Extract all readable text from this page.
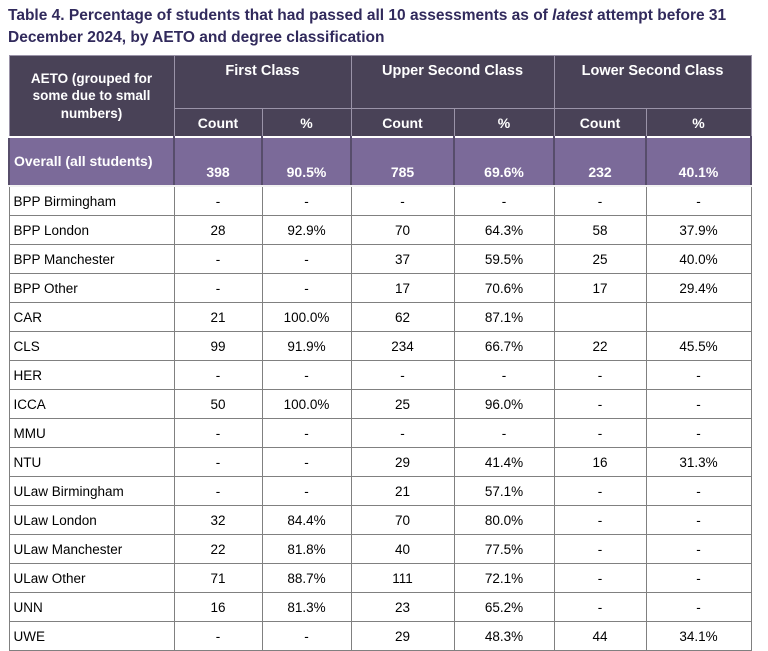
Table 4. Percentage of students that had passed all 10 assessments as of latest attempt before 31 December 2024, by AETO and degree classification
AETO (grouped for some due to small numbers)	First Class		Upper Second Class		Lower Second Class	
	Count	%	Count	%	Count	%
Overall (all students)	398	90.5%	785	69.6%	232	40.1%
BPP Birmingham	-	-	-	-	-	-
BPP London	28	92.9%	70	64.3%	58	37.9%
BPP Manchester	-	-	37	59.5%	25	40.0%
BPP Other	-	-	17	70.6%	17	29.4%
CAR	21	100.0%	62	87.1%		
CLS	99	91.9%	234	66.7%	22	45.5%
HER	-	-	-	-	-	-
ICCA	50	100.0%	25	96.0%	-	-
MMU	-	-	-	-	-	-
NTU	-	-	29	41.4%	16	31.3%
ULaw Birmingham	-	-	21	57.1%	-	-
ULaw London	32	84.4%	70	80.0%	-	-
ULaw Manchester	22	81.8%	40	77.5%	-	-
ULaw Other	71	88.7%	111	72.1%	-	-
UNN	16	81.3%	23	65.2%	-	-
UWE	-	-	29	48.3%	44	34.1%
